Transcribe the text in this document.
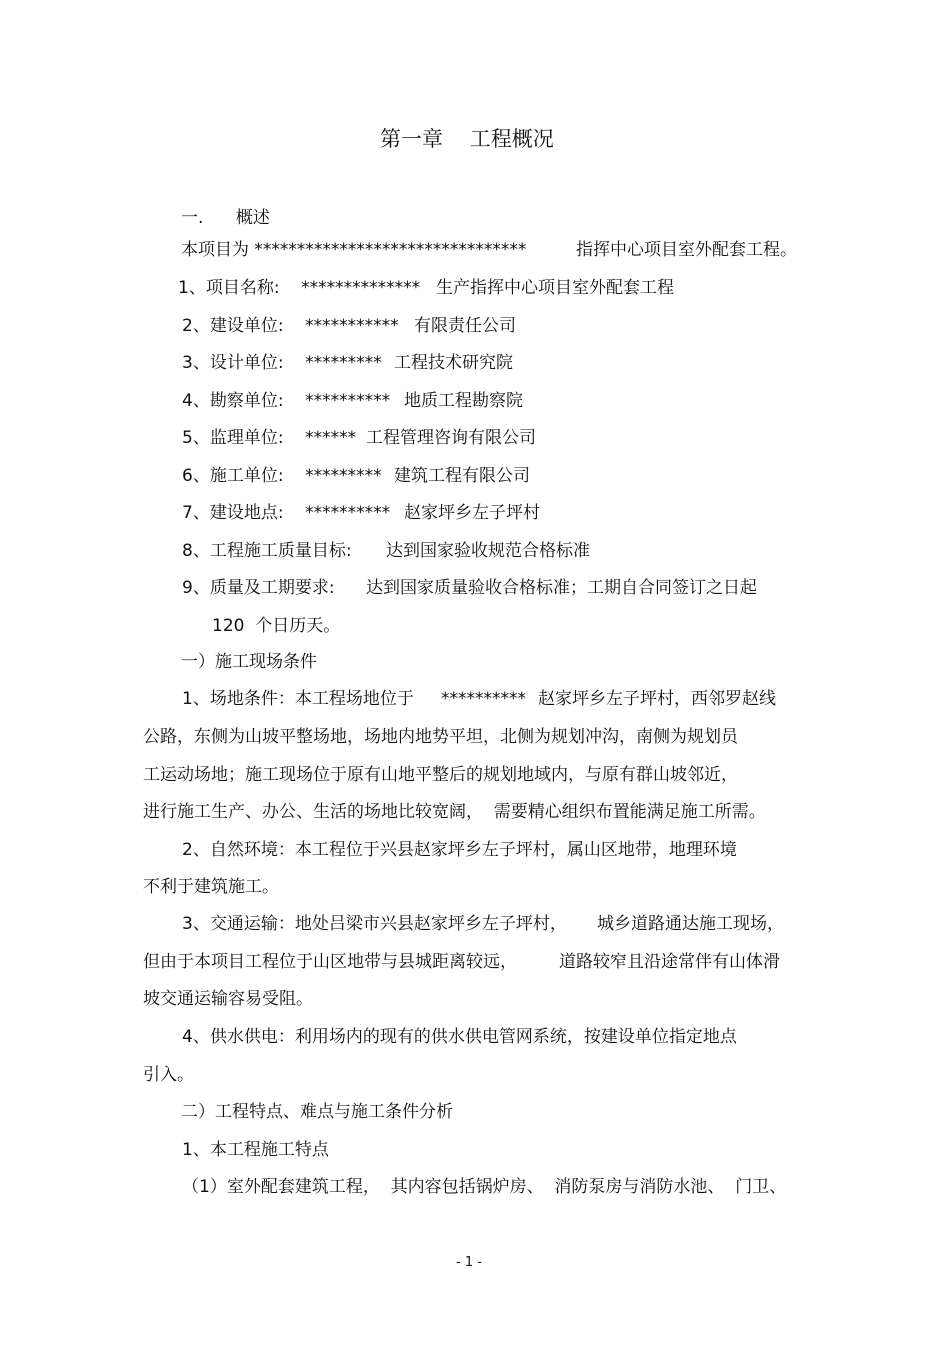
第一章    工程概况
一.      概述
本项目为 ********************************	指挥中心项目室外配套工程。
1、项目名称:    ************** 生产指挥中心项目室外配套工程
2、建设单位:    *********** 有限责任公司
3、设计单位:    ********* 工程技术研究院
4、勘察单位:    ********** 地质工程勘察院
5、监理单位:    ****** 工程管理咨询有限公司
6、施工单位:    ********* 建筑工程有限公司
7、建设地点:    ********** 赵家坪乡左子坪村
8、工程施工质量目标: 达到国家验收规范合格标准
9、质量及工期要求: 达到国家质量验收合格标准；工期自合同签订之日起
120  个日历天。
一）施工现场条件
1、场地条件：本工程场地位于 ********** 赵家坪乡左子坪村，西邻罗赵线
公路，东侧为山坡平整场地，场地内地势平坦，北侧为规划冲沟，南侧为规划员
工运动场地；施工现场位于原有山地平整后的规划地域内，与原有群山坡邻近，
进行施工生产、办公、生活的场地比较宽阔，  需要精心组织布置能满足施工所需。
2、自然环境：本工程位于兴县赵家坪乡左子坪村，属山区地带，地理环境
不利于建筑施工。
3、交通运输：地处吕梁市兴县赵家坪乡左子坪村， 城乡道路通达施工现场，
但由于本项目工程位于山区地带与县城距离较远， 道路较窄且沿途常伴有山体滑
坡交通运输容易受阻。
4、供水供电：利用场内的现有的供水供电管网系统，按建设单位指定地点
引入。
二）工程特点、难点与施工条件分析
1、本工程施工特点
（1）室外配套建筑工程，  其内容包括锅炉房、  消防泵房与消防水池、  门卫、
- 1 -
